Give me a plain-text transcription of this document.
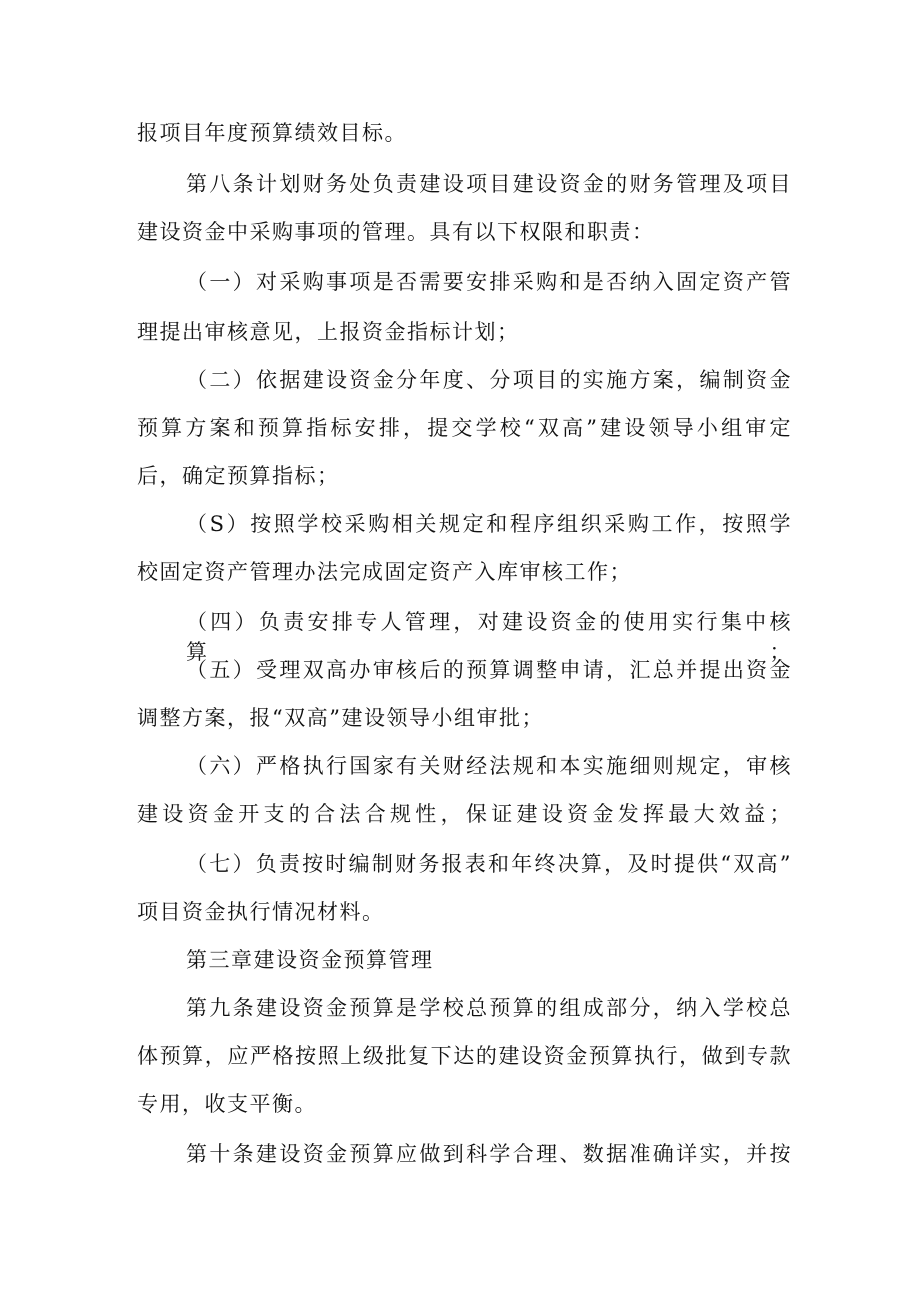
报项目年度预算绩效目标。
第八条计划财务处负责建设项目建设资金的财务管理及项目
建设资金中采购事项的管理。具有以下权限和职责：
（一）对采购事项是否需要安排采购和是否纳入固定资产管
理提出审核意见，上报资金指标计划；
（二）依据建设资金分年度、分项目的实施方案，编制资金
预算方案和预算指标安排，提交学校“双高”建设领导小组审定
后，确定预算指标；
（S）按照学校采购相关规定和程序组织采购工作，按照学
校固定资产管理办法完成固定资产入库审核工作；
（四）负责安排专人管理，对建设资金的使用实行集中核算；
（五）受理双高办审核后的预算调整申请，汇总并提出资金
调整方案，报“双高”建设领导小组审批；
（六）严格执行国家有关财经法规和本实施细则规定，审核
建设资金开支的合法合规性，保证建设资金发挥最大效益；
（七）负责按时编制财务报表和年终决算，及时提供“双高”
项目资金执行情况材料。
第三章建设资金预算管理
第九条建设资金预算是学校总预算的组成部分，纳入学校总
体预算，应严格按照上级批复下达的建设资金预算执行，做到专款
专用，收支平衡。
第十条建设资金预算应做到科学合理、数据准确详实，并按
